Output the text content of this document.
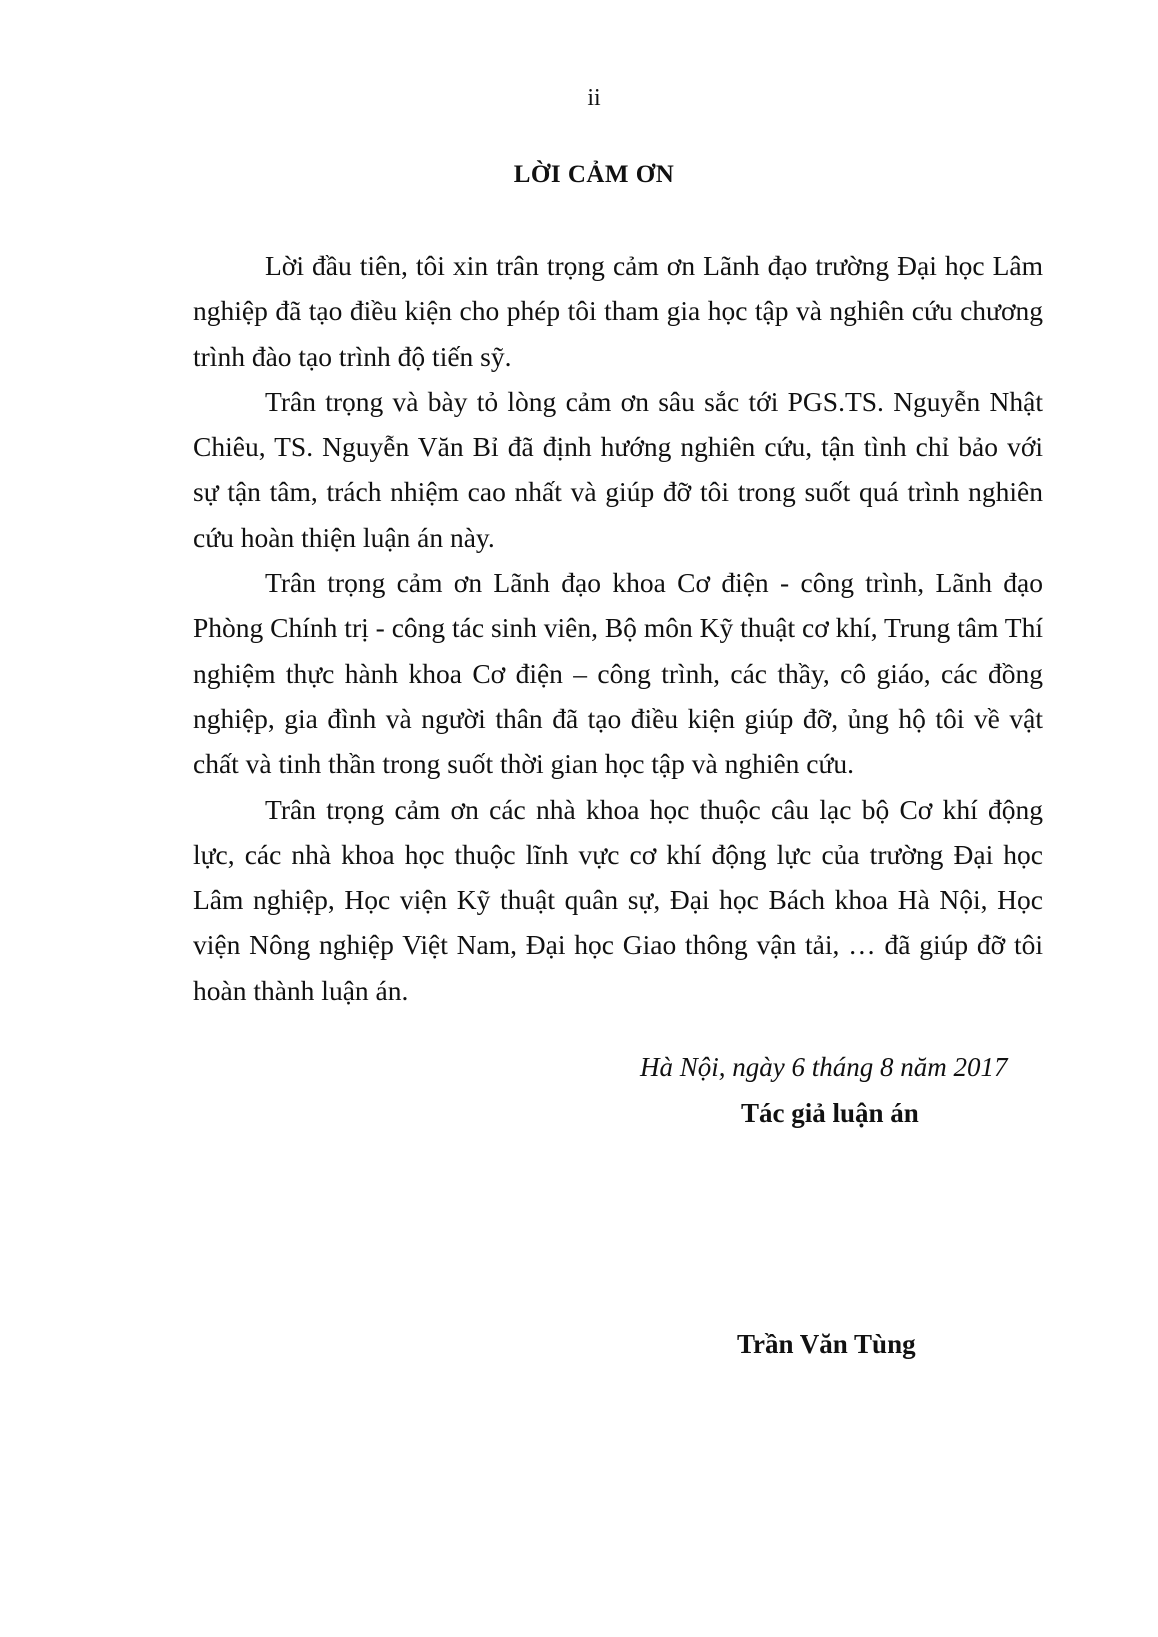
ii
LỜI CẢM ƠN

Lời đầu tiên, tôi xin trân trọng cảm ơn Lãnh đạo trường Đại học Lâm nghiệp đã tạo điều kiện cho phép tôi tham gia học tập và nghiên cứu chương trình đào tạo trình độ tiến sỹ.

Trân trọng và bày tỏ lòng cảm ơn sâu sắc tới PGS.TS. Nguyễn Nhật Chiêu, TS. Nguyễn Văn Bỉ đã định hướng nghiên cứu, tận tình chỉ bảo với sự tận tâm, trách nhiệm cao nhất và giúp đỡ tôi trong suốt quá trình nghiên cứu hoàn thiện luận án này.

Trân trọng cảm ơn Lãnh đạo khoa Cơ điện - công trình, Lãnh đạo Phòng Chính trị - công tác sinh viên, Bộ môn Kỹ thuật cơ khí, Trung tâm Thí nghiệm thực hành khoa Cơ điện – công trình, các thầy, cô giáo, các đồng nghiệp, gia đình và người thân đã tạo điều kiện giúp đỡ, ủng hộ tôi về vật chất và tinh thần trong suốt thời gian học tập và nghiên cứu.

Trân trọng cảm ơn các nhà khoa học thuộc câu lạc bộ Cơ khí động lực, các nhà khoa học thuộc lĩnh vực cơ khí động lực của trường Đại học Lâm nghiệp, Học viện Kỹ thuật quân sự, Đại học Bách khoa Hà Nội, Học viện Nông nghiệp Việt Nam, Đại học Giao thông vận tải, … đã giúp đỡ tôi hoàn thành luận án.

Hà Nội, ngày 6 tháng 8 năm 2017
Tác giả luận án
Trần Văn Tùng
